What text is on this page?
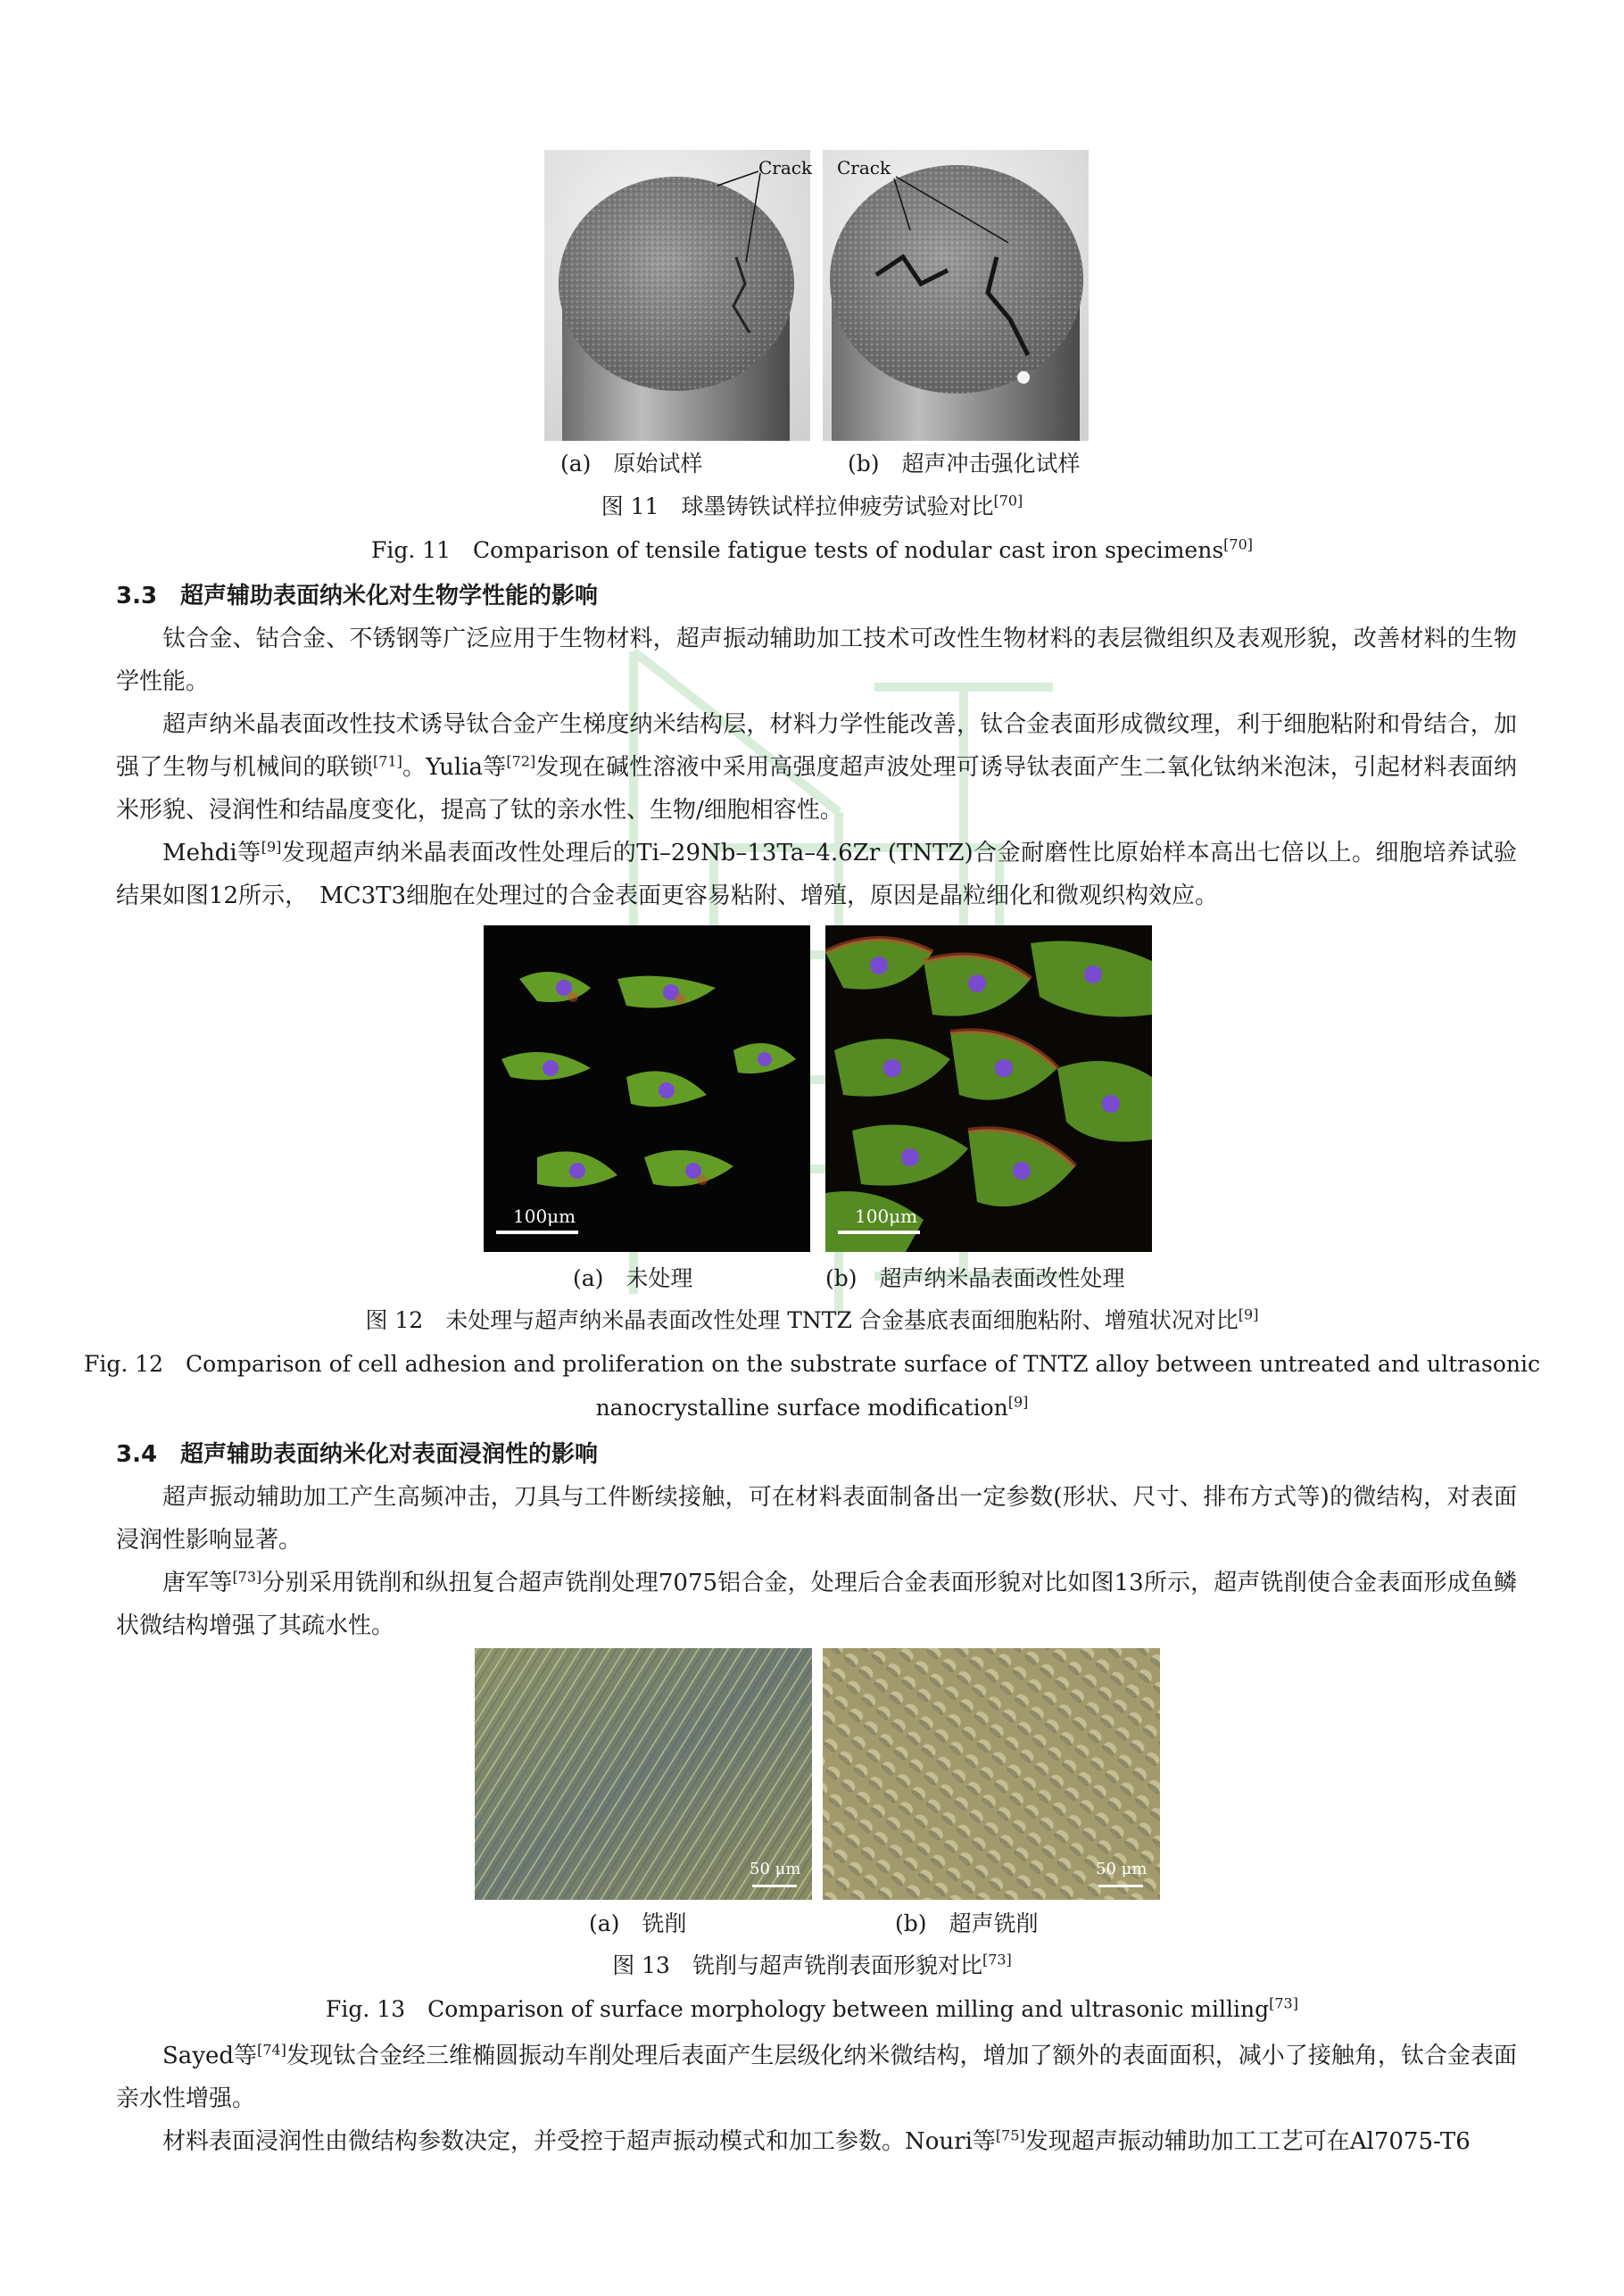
Crack Crack
(a)　原始试样	(b)　超声冲击强化试样
图 11　球墨铸铁试样拉伸疲劳试验对比[70]
Fig. 11　Comparison of tensile fatigue tests of nodular cast iron specimens[70]
3.3　超声辅助表面纳米化对生物学性能的影响
钛合金、钴合金、不锈钢等广泛应用于生物材料，超声振动辅助加工技术可改性生物材料的表层微组织及表观形貌，改善材料的生物学性能。
超声纳米晶表面改性技术诱导钛合金产生梯度纳米结构层，材料力学性能改善，钛合金表面形成微纹理，利于细胞粘附和骨结合，加强了生物与机械间的联锁[71]。Yulia等[72]发现在碱性溶液中采用高强度超声波处理可诱导钛表面产生二氧化钛纳米泡沫，引起材料表面纳米形貌、浸润性和结晶度变化，提高了钛的亲水性、生物/细胞相容性。
Mehdi等[9]发现超声纳米晶表面改性处理后的Ti–29Nb–13Ta–4.6Zr (TNTZ)合金耐磨性比原始样本高出七倍以上。细胞培养试验结果如图12所示，　MC3T3细胞在处理过的合金表面更容易粘附、增殖，原因是晶粒细化和微观织构效应。
100μm	100μm
(a)　未处理	(b)　超声纳米晶表面改性处理
图 12　未处理与超声纳米晶表面改性处理 TNTZ 合金基底表面细胞粘附、增殖状况对比[9]
Fig. 12　Comparison of cell adhesion and proliferation on the substrate surface of TNTZ alloy between untreated and ultrasonic
nanocrystalline surface modification[9]
3.4　超声辅助表面纳米化对表面浸润性的影响
超声振动辅助加工产生高频冲击，刀具与工件断续接触，可在材料表面制备出一定参数(形状、尺寸、排布方式等)的微结构，对表面浸润性影响显著。
唐军等[73]分别采用铣削和纵扭复合超声铣削处理7075铝合金，处理后合金表面形貌对比如图13所示，超声铣削使合金表面形成鱼鳞状微结构增强了其疏水性。
50 μm	50 μm
(a)　铣削	(b)　超声铣削
图 13　铣削与超声铣削表面形貌对比[73]
Fig. 13　Comparison of surface morphology between milling and ultrasonic milling[73]
Sayed等[74]发现钛合金经三维椭圆振动车削处理后表面产生层级化纳米微结构，增加了额外的表面面积，减小了接触角，钛合金表面亲水性增强。
材料表面浸润性由微结构参数决定，并受控于超声振动模式和加工参数。Nouri等[75]发现超声振动辅助加工工艺可在Al7075-T6
